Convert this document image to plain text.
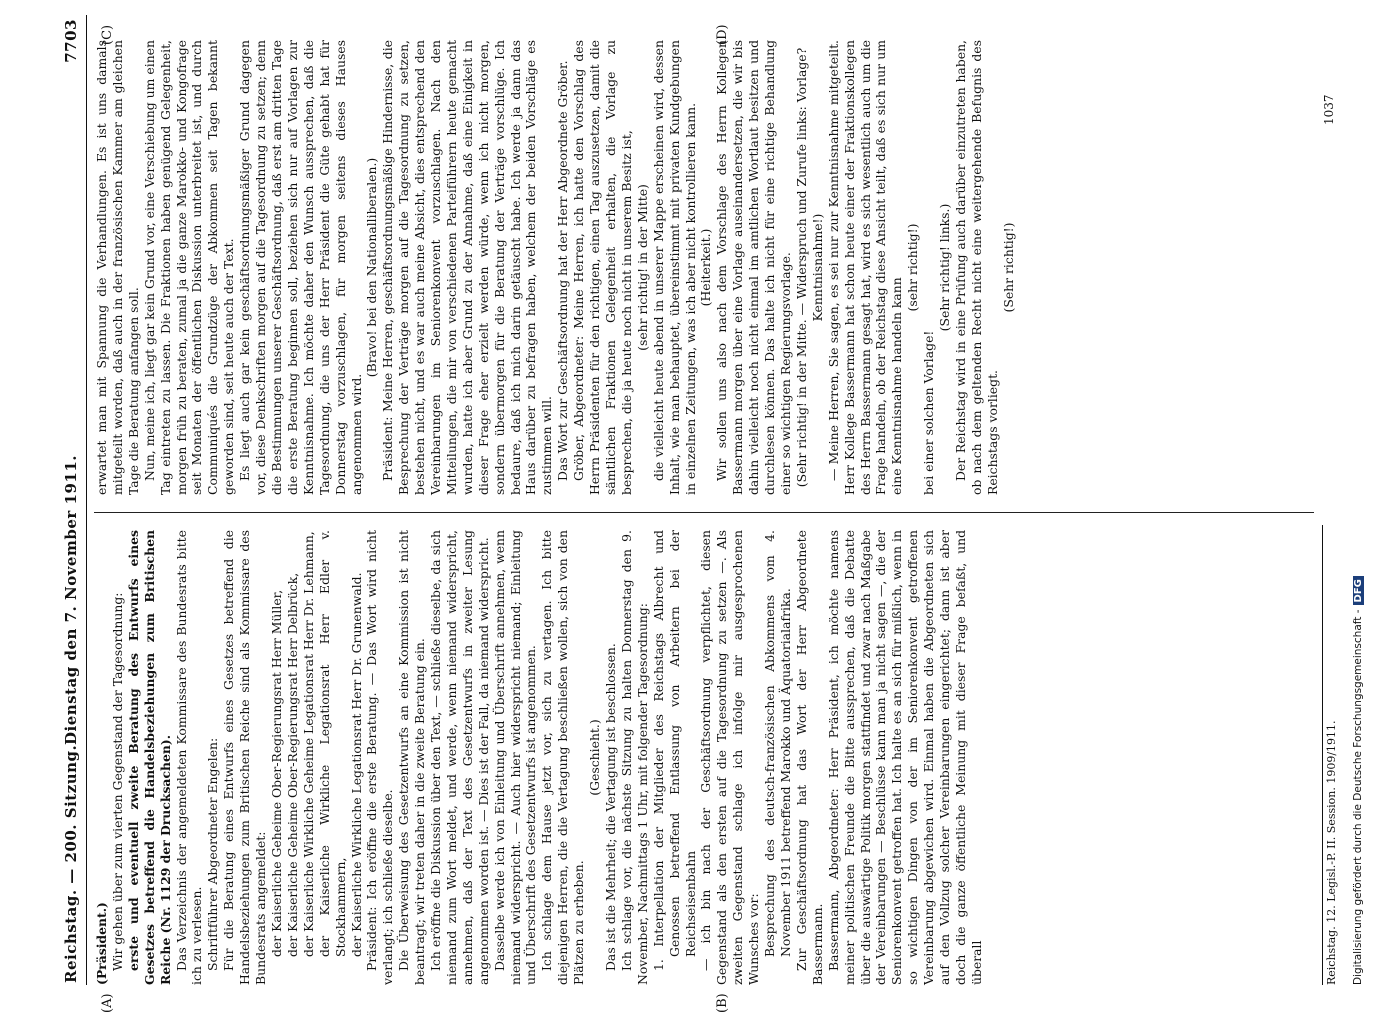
Reichstag. — 200. Sitzung.
Dienstag den 7. November 1911.
7703
(A)	(B)
(C)	(D)

(Präsident.) Wir gehen über zum vierten Gegenstand der Tagesordnung: erste und eventuell zweite Beratung des Entwurfs eines Gesetzes betreffend die Handelsbeziehungen zum Britischen Reiche (Nr. 1129 der Drucksachen). Das Verzeichnis der angemeldeten Kommissare des Bundesrats bitte ich zu verlesen. Schriftführer Abgeordneter Engelen: Für die Beratung eines Entwurfs eines Gesetzes betreffend die Handelsbeziehungen zum Britischen Reiche sind als Kommissare des Bundesrats angemeldet: der Kaiserliche Geheime Ober-Regierungsrat Herr Müller, der Kaiserliche Geheime Ober-Regierungsrat Herr Delbrück, der Kaiserliche Wirkliche Geheime Legationsrat Herr Dr. Lehmann, der Kaiserliche Wirkliche Legationsrat Herr Edler v. Stockhammern, der Kaiserliche Wirkliche Legationsrat Herr Dr. Grunenwald. Präsident: Ich eröffne die erste Beratung. — Das Wort wird nicht verlangt; ich schließe dieselbe. Die Überweisung des Gesetzentwurfs an eine Kommission ist nicht beantragt; wir treten daher in die zweite Beratung ein. Ich eröffne die Diskussion über den Text, — schließe dieselbe, da sich niemand zum Wort meldet, und werde, wenn niemand widerspricht, annehmen, daß der Text des Gesetzentwurfs in zweiter Lesung angenommen worden ist. — Dies ist der Fall, da niemand widerspricht. Dasselbe werde ich von Einleitung und Überschrift annehmen, wenn niemand widerspricht. — Auch hier widerspricht niemand; Einleitung und Überschrift des Gesetzentwurfs ist angenommen. Ich schlage dem Hause jetzt vor, sich zu vertagen. Ich bitte diejenigen Herren, die die Vertagung beschließen wollen, sich von den Plätzen zu erheben.

(Geschieht.) Das ist die Mehrheit; die Vertagung ist beschlossen. Ich schlage vor, die nächste Sitzung zu halten Donnerstag den 9. November, Nachmittags 1 Uhr, mit folgender Tagesordnung: 1. Interpellation der Mitglieder des Reichstags Albrecht und Genossen betreffend Entlassung von Arbeitern bei der Reichseisenbahn — ich bin nach der Geschäftsordnung verpflichtet, diesen Gegenstand als den ersten auf die Tagesordnung zu setzen —. Als zweiten Gegenstand schlage ich infolge mir ausgesprochenen Wunsches vor: Besprechung des deutsch-französischen Abkommens vom 4. November 1911 betreffend Marokko und Äquatorialafrika. Zur Geschäftsordnung hat das Wort der Herr Abgeordnete Bassermann. Bassermann, Abgeordneter: Herr Präsident, ich möchte namens meiner politischen Freunde die Bitte aussprechen, daß die Debatte über die auswärtige Politik morgen stattfindet und zwar nach Maßgabe der Vereinbarungen — Beschlüsse kann man ja nicht sagen —, die der Seniorenkonvent getroffen hat. Ich halte es an sich für mißlich, wenn in so wichtigen Dingen von der im Seniorenkonvent getroffenen Vereinbarung abgewichen wird. Einmal haben die Abgeordneten sich auf den Vollzug solcher Vereinbarungen eingerichtet; dann ist aber doch die ganze öffentliche Meinung mit dieser Frage befaßt, und überall

erwartet man mit Spannung die Verhandlungen. Es ist uns damals mitgeteilt worden, daß auch in der französischen Kammer am gleichen Tage die Beratung anfangen soll. Nun, meine ich, liegt gar kein Grund vor, eine Verschiebung um einen Tag eintreten zu lassen. Die Fraktionen haben genügend Gelegenheit, morgen früh zu beraten, zumal ja die ganze Marokko- und Kongofrage seit Monaten der öffentlichen Diskussion unterbreitet ist, und durch Communiqués die Grundzüge der Abkommen seit Tagen bekannt geworden sind, seit heute auch der Text. Es liegt auch gar kein geschäftsordnungsmäßiger Grund dagegen vor, diese Denkschriften morgen auf die Tagesordnung zu setzen; denn die Bestimmungen unserer Geschäftsordnung, daß erst am dritten Tage die erste Beratung beginnen soll, beziehen sich nur auf Vorlagen zur Kenntnisnahme. Ich möchte daher den Wunsch aussprechen, daß die Tagesordnung, die uns der Herr Präsident die Güte gehabt hat für Donnerstag vorzuschlagen, für morgen seitens dieses Hauses angenommen wird.

(Bravo! bei den Nationalliberalen.) Präsident: Meine Herren, geschäftsordnungsmäßige Hindernisse, die Besprechung der Verträge morgen auf die Tagesordnung zu setzen, bestehen nicht, und es war auch meine Absicht, dies entsprechend den Vereinbarungen im Seniorenkonvent vorzuschlagen. Nach den Mitteilungen, die mir von verschiedenen Parteiführern heute gemacht wurden, hatte ich aber Grund zu der Annahme, daß eine Einigkeit in dieser Frage eher erzielt werden würde, wenn ich nicht morgen, sondern übermorgen für die Beratung der Verträge vorschlüge. Ich bedaure, daß ich mich darin getäuscht habe. Ich werde ja dann das Haus darüber zu befragen haben, welchem der beiden Vorschläge es zustimmen will. Das Wort zur Geschäftsordnung hat der Herr Abgeordnete Gröber. Gröber, Abgeordneter: Meine Herren, ich hatte den Vorschlag des Herrn Präsidenten für den richtigen, einen Tag auszusetzen, damit die sämtlichen Fraktionen Gelegenheit erhalten, die Vorlage zu besprechen, die ja heute noch nicht in unserem Besitz ist, (sehr richtig! in der Mitte) die vielleicht heute abend in unserer Mappe erscheinen wird, dessen Inhalt, wie man behauptet, übereinstimmt mit privaten Kundgebungen in einzelnen Zeitungen, was ich aber nicht kontrollieren kann. (Heiterkeit.) Wir sollen uns also nach dem Vorschlage des Herrn Kollegen Bassermann morgen über eine Vorlage auseinandersetzen, die wir bis dahin vielleicht noch nicht einmal im amtlichen Wortlaut besitzen und durchlesen können. Das halte ich nicht für eine richtige Behandlung einer so wichtigen Regierungsvorlage. (Sehr richtig! in der Mitte. — Widerspruch und Zurufe links: Vorlage? Kenntnisnahme!) — Meine Herren, Sie sagen, es sei nur zur Kenntnisnahme mitgeteilt. Herr Kollege Bassermann hat schon heute einer der Fraktionskollegen des Herrn Bassermann gesagt hat, wird es sich wesentlich auch um die Frage handeln, ob der Reichstag diese Ansicht teilt, daß es sich nur um eine Kenntnisnahme handeln kann

(sehr richtig!)

bei einer solchen Vorlage!

(Sehr richtig! links.) Der Reichstag wird in eine Prüfung auch darüber einzutreten haben, ob nach dem geltenden Recht nicht eine weitergehende Befugnis des Reichstags vorliegt.

(Sehr richtig!)

Reichstag. 12. Legisl.-P. II. Session. 1909/1911.
1037
Digitalisierung gefördert durch die Deutsche Forschungsgemeinschaft -DFG
